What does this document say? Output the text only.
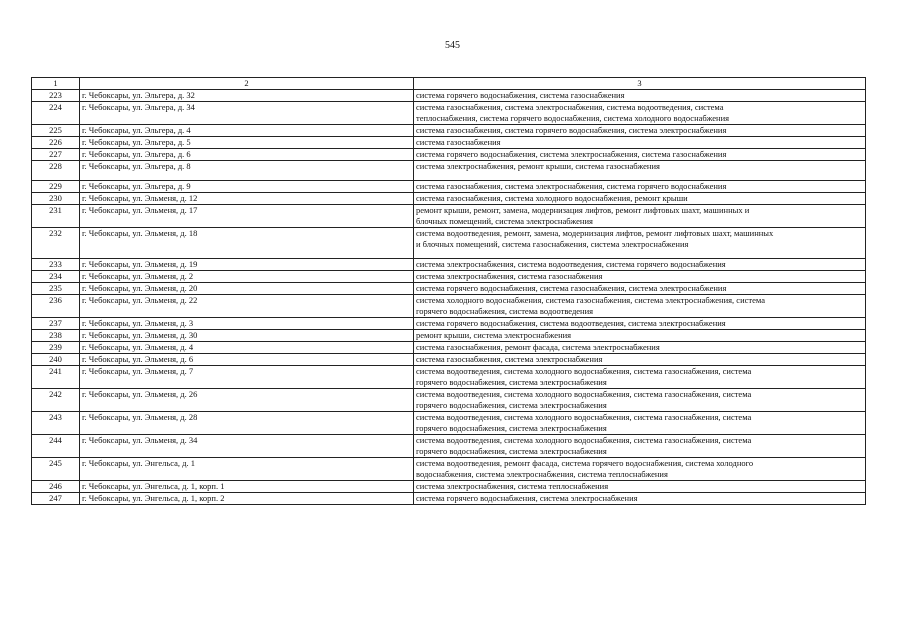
545
1	2	3
223	г. Чебоксары, ул. Эльгера, д. 32	система горячего водоснабжения, система газоснабжения

224	г. Чебоксары, ул. Эльгера, д. 34	система газоснабжения, система электроснабжения, система водоотведения, система
теплоснабжения, система горячего водоснабжения, система холодного водоснабжения

225	г. Чебоксары, ул. Эльгера, д. 4	система газоснабжения, система горячего водоснабжения, система электроснабжения

226	г. Чебоксары, ул. Эльгера, д. 5	система газоснабжения

227	г. Чебоксары, ул. Эльгера, д. 6	система горячего водоснабжения, система электроснабжения, система газоснабжения

228	г. Чебоксары, ул. Эльгера, д. 8	система электроснабжения, ремонт крыши, система газоснабжения

229	г. Чебоксары, ул. Эльгера, д. 9	система газоснабжения, система электроснабжения, система горячего водоснабжения

230	г. Чебоксары, ул. Эльменя, д. 12	система газоснабжения, система холодного водоснабжения, ремонт крыши

231	г. Чебоксары, ул. Эльменя, д. 17	ремонт крыши, ремонт, замена, модернизация лифтов, ремонт лифтовых шахт, машинных и
блочных помещений, система электроснабжения

232	г. Чебоксары, ул. Эльменя, д. 18	система водоотведения, ремонт, замена, модернизация лифтов, ремонт лифтовых шахт, машинных
и блочных помещений, система газоснабжения, система электроснабжения

233	г. Чебоксары, ул. Эльменя, д. 19	система электроснабжения, система водоотведения, система горячего водоснабжения

234	г. Чебоксары, ул. Эльменя, д. 2	система электроснабжения, система газоснабжения

235	г. Чебоксары, ул. Эльменя, д. 20	система горячего водоснабжения, система газоснабжения, система электроснабжения

236	г. Чебоксары, ул. Эльменя, д. 22	система холодного водоснабжения, система газоснабжения, система электроснабжения, система
горячего водоснабжения, система водоотведения

237	г. Чебоксары, ул. Эльменя, д. 3	система горячего водоснабжения, система водоотведения, система электроснабжения

238	г. Чебоксары, ул. Эльменя, д. 30	ремонт крыши, система электроснабжения

239	г. Чебоксары, ул. Эльменя, д. 4	система газоснабжения, ремонт фасада, система электроснабжения

240	г. Чебоксары, ул. Эльменя, д. 6	система газоснабжения, система электроснабжения

241	г. Чебоксары, ул. Эльменя, д. 7	система водоотведения, система холодного водоснабжения, система газоснабжения, система
горячего водоснабжения, система электроснабжения

242	г. Чебоксары, ул. Эльменя, д. 26	система водоотведения, система холодного водоснабжения, система газоснабжения, система
горячего водоснабжения, система электроснабжения

243	г. Чебоксары, ул. Эльменя, д. 28	система водоотведения, система холодного водоснабжения, система газоснабжения, система
горячего водоснабжения, система электроснабжения

244	г. Чебоксары, ул. Эльменя, д. 34	система водоотведения, система холодного водоснабжения, система газоснабжения, система
горячего водоснабжения, система электроснабжения

245	г. Чебоксары, ул. Энгельса, д. 1	система водоотведения, ремонт фасада, система горячего водоснабжения, система холодного
водоснабжения, система электроснабжения, система теплоснабжения

246	г. Чебоксары, ул. Энгельса, д. 1, корп. 1	система электроснабжения, система теплоснабжения

247	г. Чебоксары, ул. Энгельса, д. 1, корп. 2	система горячего водоснабжения, система электроснабжения
